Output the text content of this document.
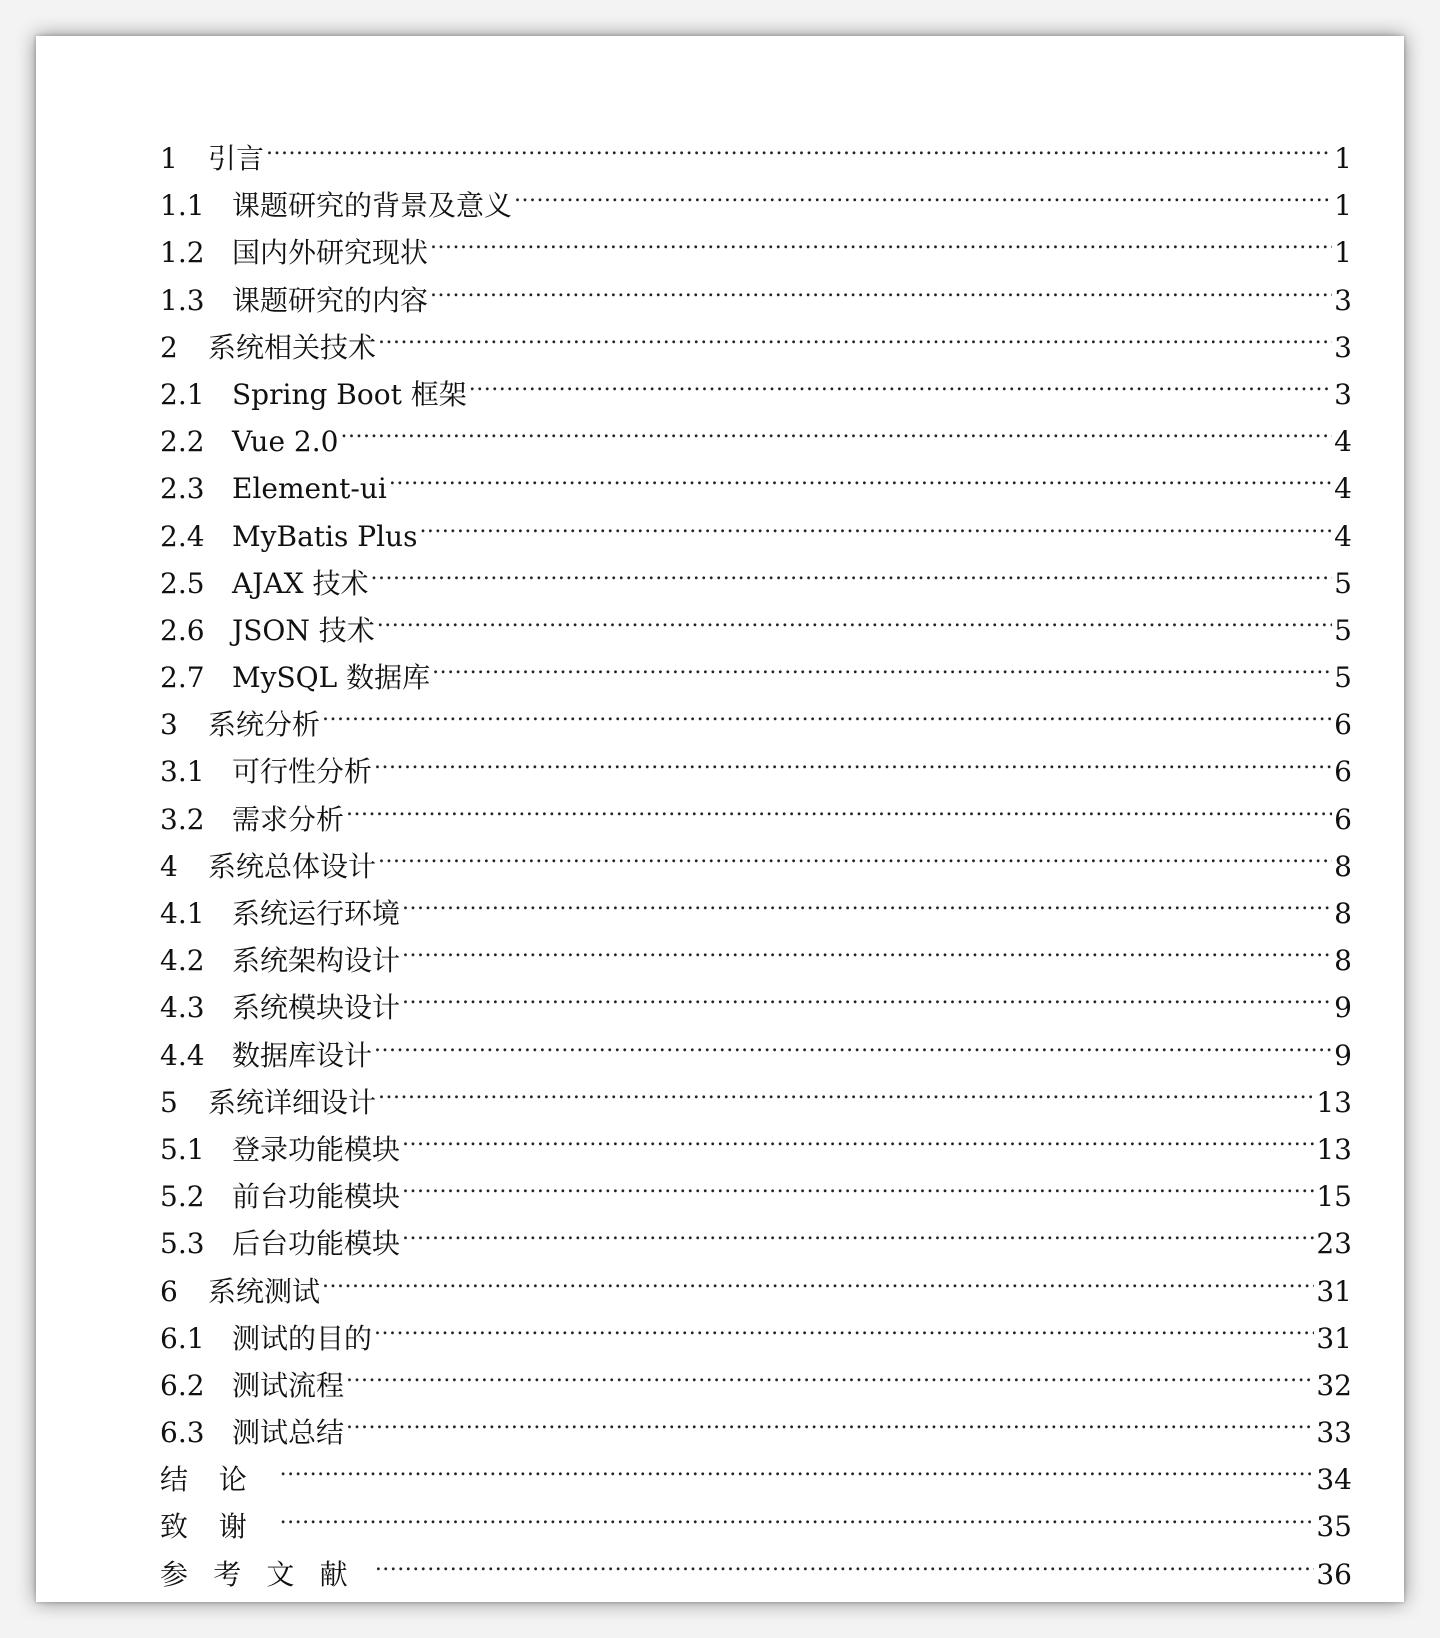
1	引言 .....	1
1.1 课题研究的背景及意义 .....	1
1.2 国内外研究现状 .....	1
1.3 课题研究的内容 .....	3
2	系统相关技术 .....	3
2.1 Spring Boot 框架 .....	3
2.2 Vue 2.0 .....	4
2.3 Element-ui .....	4
2.4 MyBatis Plus .....	4
2.5 AJAX 技术 .....	5
2.6 JSON 技术 .....	5
2.7 MySQL 数据库 .....	5
3	系统分析 .....	6
3.1 可行性分析 .....	6
3.2 需求分析 .....	6
4	系统总体设计 .....	8
4.1 系统运行环境 .....	8
4.2 系统架构设计 .....	8
4.3 系统模块设计 .....	9
4.4 数据库设计 .....	9
5	系统详细设计 .....	13
5.1 登录功能模块 .....	13
5.2 前台功能模块 .....	15
5.3 后台功能模块 .....	23
6	系统测试 .....	31
6.1 测试的目的 .....	31
6.2 测试流程 .....	32
6.3 测试总结 .....	33
结论 .....	34
致谢 .....	35
参考文献 .....	36
